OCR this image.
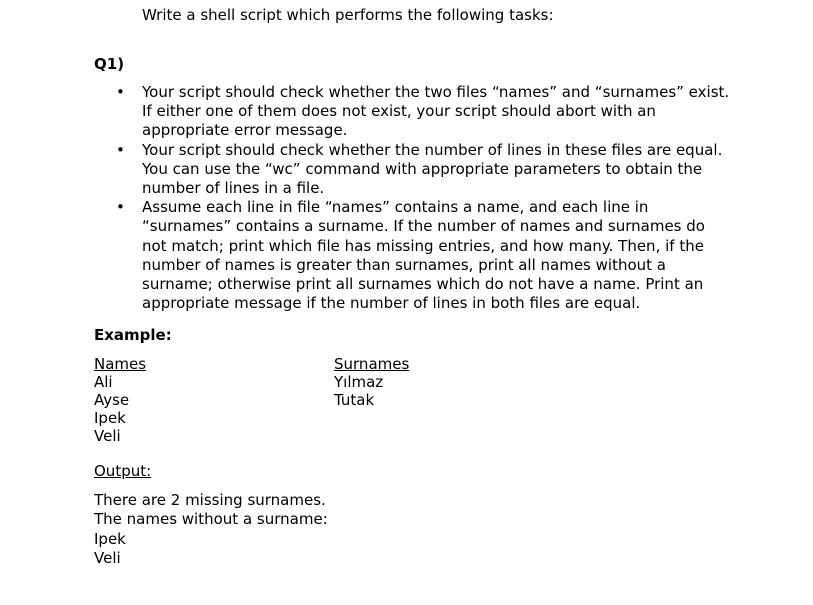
Write a shell script which performs the following tasks:
Q1)
• Your script should check whether the two files “names” and “surnames” exist.
If either one of them does not exist, your script should abort with an
appropriate error message.
• Your script should check whether the number of lines in these files are equal.
You can use the “wc” command with appropriate parameters to obtain the
number of lines in a file.
• Assume each line in file “names” contains a name, and each line in
“surnames” contains a surname. If the number of names and surnames do
not match; print which file has missing entries, and how many. Then, if the
number of names is greater than surnames, print all names without a
surname; otherwise print all surnames which do not have a name. Print an
appropriate message if the number of lines in both files are equal.
Example:
Names
Ali
Ayse
Ipek
Veli
Surnames
Yılmaz
Tutak
Output:
There are 2 missing surnames.
The names without a surname:
Ipek
Veli
